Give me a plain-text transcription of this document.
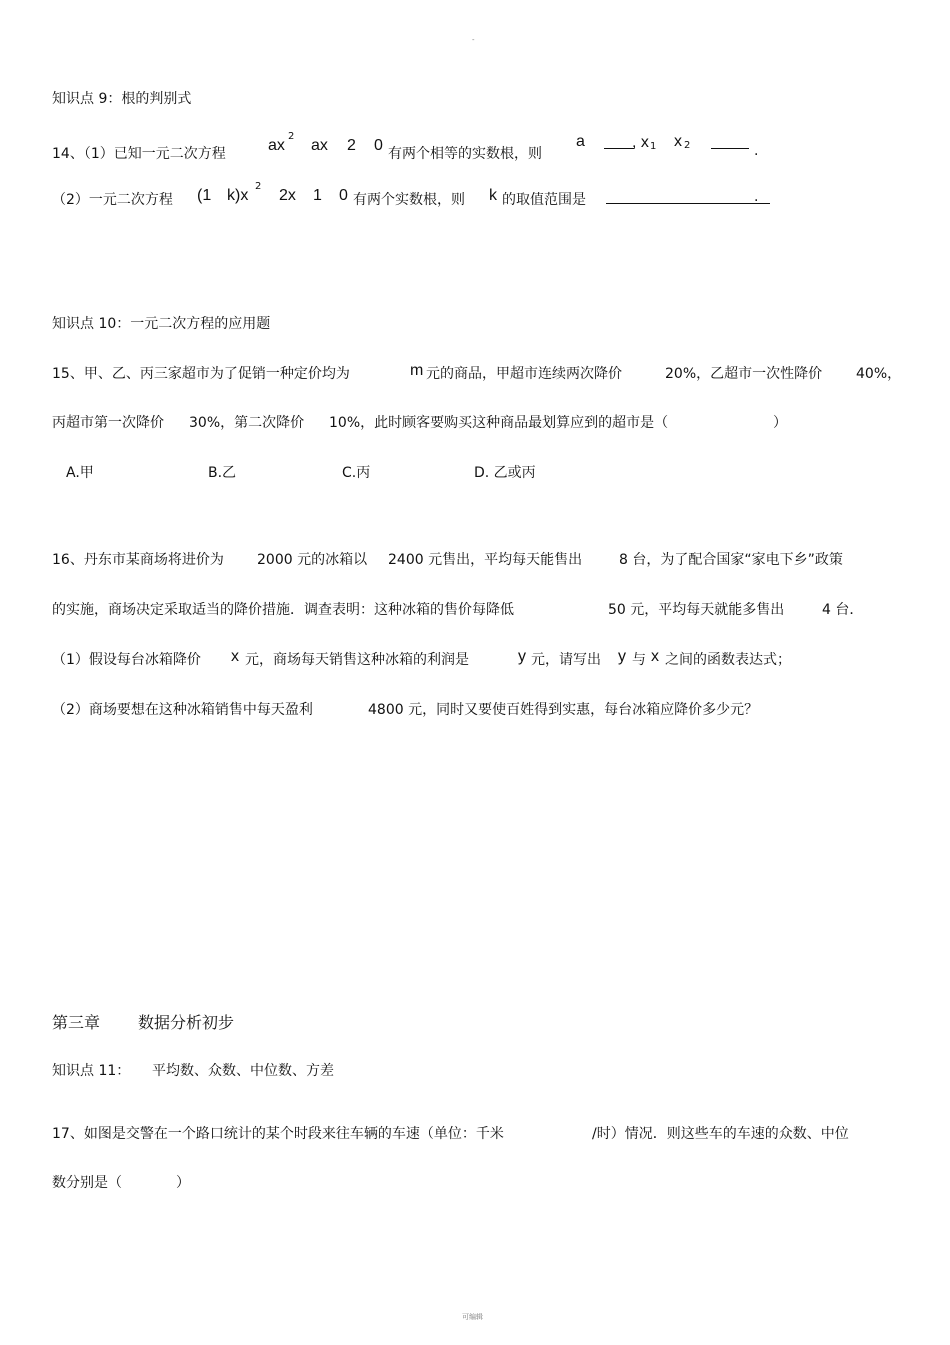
-
知识点 9：根的判别式
14、（1）已知一元二次方程	ax
2
ax 2 0 有两个相等的实数根，则
a	, x 1 x 2	.
（2）一元二次方程 (1 k)x
2
2x 1 0 有两个实数根，则 k 的取值范围是	.
知识点 10：一元二次方程的应用题
15、甲、乙、丙三家超市为了促销一种定价均为	m 元的商品，甲超市连续两次降价	20%，乙超市一次性降价 40%，
丙超市第一次降价 30%，第二次降价 10%，此时顾客要购买这种商品最划算应到的超市是（	）
A.甲	B.乙	C.丙	D. 乙或丙
16、丹东市某商场将进价为 2000 元的冰箱以 2400 元售出，平均每天能售出	8 台，为了配合国家“家电下乡”政策
的实施，商场决定采取适当的降价措施．调查表明：这种冰箱的售价每降低	50 元，平均每天就能多售出	4 台．
（1）假设每台冰箱降价 x 元，商场每天销售这种冰箱的利润是	y 元，请写出 y 与 x 之间的函数表达式；
（2）商场要想在这种冰箱销售中每天盈利	4800 元，同时又要使百姓得到实惠，每台冰箱应降价多少元？
第三章 数据分析初步
知识点 11： 平均数、众数、中位数、方差
17、如图是交警在一个路口统计的某个时段来往车辆的车速（单位：千米	/时）情况．则这些车的车速的众数、中位
数分别是（	）
可编辑
